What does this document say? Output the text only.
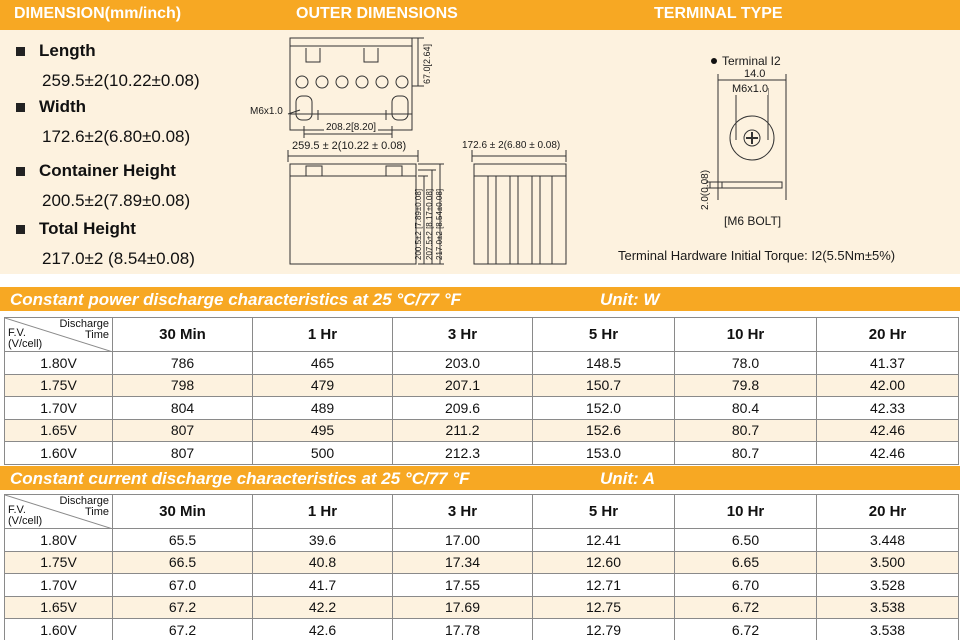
DIMENSION(mm/inch)	OUTER DIMENSIONS	TERMINAL TYPE
Length
259.5±2(10.22±0.08)
Width
172.6±2(6.80±0.08)
Container Height
200.5±2(7.89±0.08)
Total Height
217.0±2 (8.54±0.08)
M6x1.0
208.2[8.20]
67.0[2.64]
259.5 ± 2(10.22 ± 0.08)	172.6 ± 2(6.80 ± 0.08)
200.5±2 [7.89±0.08] 207.5±2 [8.17±0.08] 217.0±2 [8.54±0.08]
Terminal I2
14.0
M6x1.0
2.0(0.08)
[M6 BOLT]
Terminal Hardware Initial Torque: I2(5.5Nm±5%)
Constant power discharge characteristics at 25 °C/77 °F	Unit: W
Discharge
Time
F.V.
(V/cell)	30 Min	1 Hr	3 Hr	5 Hr	10 Hr	20 Hr
1.80V	786	465	203.0	148.5	78.0	41.37
1.75V	798	479	207.1	150.7	79.8	42.00
1.70V	804	489	209.6	152.0	80.4	42.33
1.65V	807	495	211.2	152.6	80.7	42.46
1.60V	807	500	212.3	153.0	80.7	42.46
Constant current discharge characteristics at 25 °C/77 °F	Unit: A
Discharge
Time
F.V.
(V/cell)	30 Min	1 Hr	3 Hr	5 Hr	10 Hr	20 Hr
1.80V	65.5	39.6	17.00	12.41	6.50	3.448
1.75V	66.5	40.8	17.34	12.60	6.65	3.500
1.70V	67.0	41.7	17.55	12.71	6.70	3.528
1.65V	67.2	42.2	17.69	12.75	6.72	3.538
1.60V	67.2	42.6	17.78	12.79	6.72	3.538
